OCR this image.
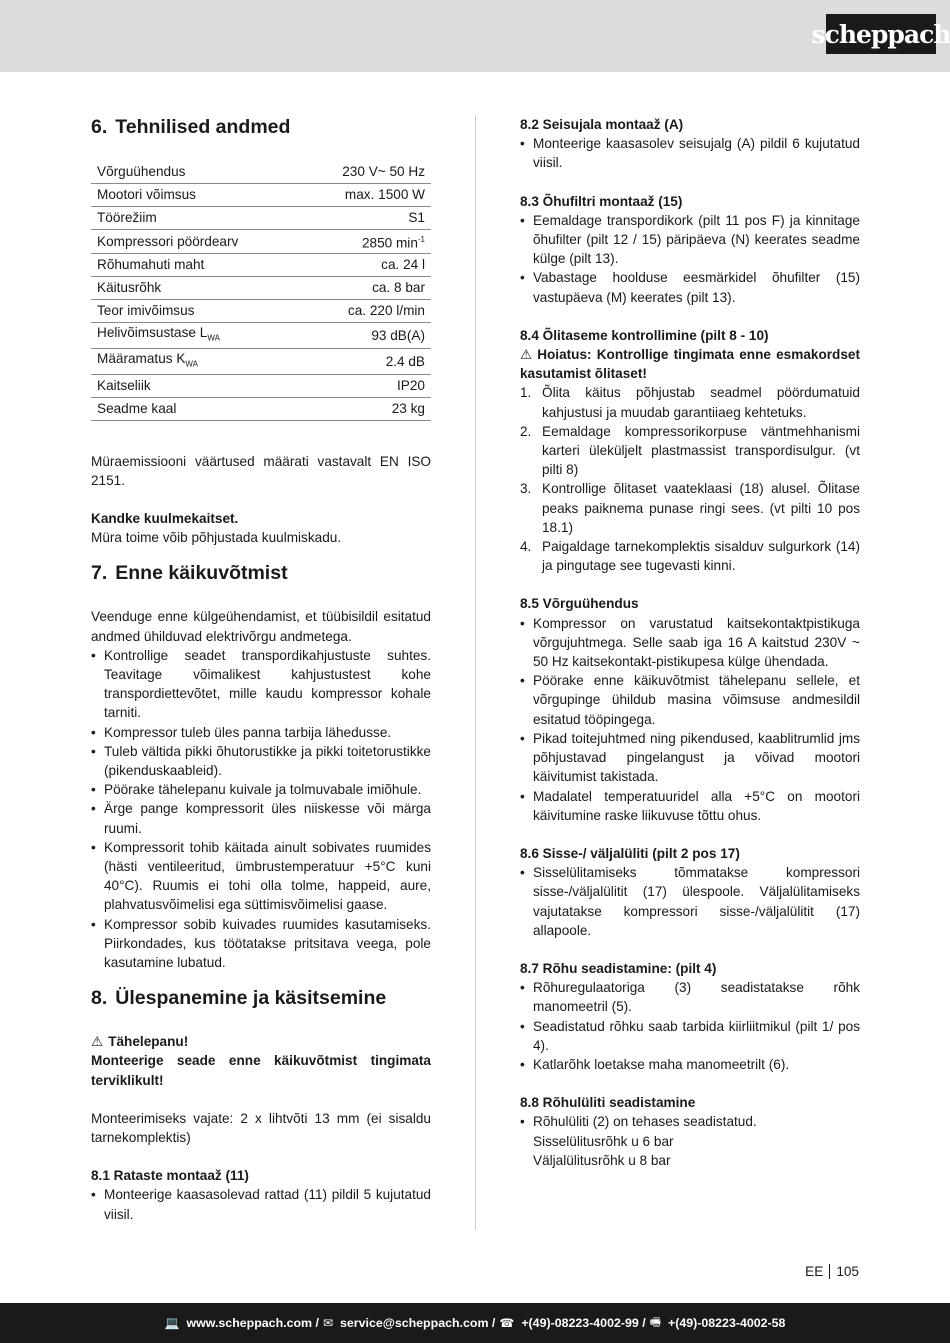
scheppach
6. Tehnilised andmed
Võrguühendus	230 V~ 50 Hz
Mootori võimsus	max. 1500 W
Töörežiim	S1
Kompressori pöördearv	2850 $\min^{-1}$
Rõhumahuti maht	ca. 24 l
Käitusrõhk	ca. 8 bar
Teor imivõimsus	ca. 220 l/min
Helivõimsustase $L_{WA}$	93 dB(A)
Määramatus $K_{WA}$	2.4 dB
Kaitseliik	IP20
Seadme kaal	23 kg

Müraemissiooni väärtused määrati vastavalt EN ISO 2151.

Kandke kuulmekaitset.

Müra toime võib põhjustada kuulmiskadu.

7. Enne käikuvõtmist

Veenduge enne külgeühendamist, et tüübisildil esitatud andmed ühilduvad elektrivõrgu andmetega.

• Kontrollige seadet transpordikahjustuste suhtes. Teavitage võimalikest kahjustustest kohe transpordiettevõtet, mille kaudu kompressor kohale tarniti.
• Kompressor tuleb üles panna tarbija lähedusse.
• Tuleb vältida pikki õhutorustikke ja pikki toitetorustikke (pikenduskaableid).
• Pöörake tähelepanu kuivale ja tolmuvabale imiõhule.
• Ärge pange kompressorit üles niiskesse või märga ruumi.
• Kompressorit tohib käitada ainult sobivates ruumides (hästi ventileeritud, ümbrustemperatuur +5°C kuni 40°C). Ruumis ei tohi olla tolme, happeid, aure, plahvatusvõimelisi ega süttimisvõimelisi gaase.
• Kompressor sobib kuivades ruumides kasutamiseks. Piirkondades, kus töötatakse pritsitava veega, pole kasutamine lubatud.
8. Ülespanemine ja käsitsemine

⚠ Tähelepanu!

Monteerige seade enne käikuvõtmist tingimata terviklikult!

Monteerimiseks vajate: 2 x lihtvõti 13 mm (ei sisaldu tarnekomplektis)

8.1 Rataste montaaž (11)
• Monteerige kaasasolevad rattad (11) pildil 5 kujutatud viisil.
8.2 Seisujala montaaž (A)
• Monteerige kaasasolev seisujalg (A) pildil 6 kujutatud viisil.
8.3 Õhufiltri montaaž (15)
• Eemaldage transpordikork (pilt 11 pos F) ja kinnitage õhufilter (pilt 12 / 15) päripäeva (N) keerates seadme külge (pilt 13).
• Vabastage hoolduse eesmärkidel õhufilter (15) vastupäeva (M) keerates (pilt 13).
8.4 Õlitaseme kontrollimine (pilt 8 - 10)

⚠ Hoiatus: Kontrollige tingimata enne esmakordset kasutamist õlitaset!

1. Õlita käitus põhjustab seadmel pöördumatuid kahjustusi ja muudab garantiiaeg kehtetuks.
2. Eemaldage kompressorikorpuse väntmehhanismi karteri üleküljelt plastmassist transpordisulgur. (vt pilti 8)
3. Kontrollige õlitaset vaateklaasi (18) alusel. Õlitase peaks paiknema punase ringi sees. (vt pilti 10 pos 18.1)
4. Paigaldage tarnekomplektis sisalduv sulgurkork (14) ja pingutage see tugevasti kinni.
8.5 Võrguühendus
• Kompressor on varustatud kaitsekontaktpistikuga võrgujuhtmega. Selle saab iga 16 A kaitstud 230V ~ 50 Hz kaitsekontakt-pistikupesa külge ühendada.
• Pöörake enne käikuvõtmist tähelepanu sellele, et võrgupinge ühildub masina võimsuse andmesildil esitatud tööpingega.
• Pikad toitejuhtmed ning pikendused, kaablitrumlid jms põhjustavad pingelangust ja võivad mootori käivitumist takistada.
• Madalatel temperatuuridel alla +5°C on mootori käivitumine raske liikuvuse tõttu ohus.
8.6 Sisse-/ väljalüliti (pilt 2 pos 17)
• Sisselülitamiseks tõmmatakse kompressori sisse-/väljalülitit (17) ülespoole. Väljalülitamiseks vajutatakse kompressori sisse-/väljalülitit (17) allapoole.
8.7 Rõhu seadistamine: (pilt 4)
• Rõhuregulaatoriga (3) seadistatakse rõhk manomeetril (5).
• Seadistatud rõhku saab tarbida kiirliitmikul (pilt 1/ pos 4).
• Katlarõhk loetakse maha manomeetrilt (6).
8.8 Rõhulüliti seadistamine
• Rõhulüliti (2) on tehases seadistatud.
Sisselülitusrõhk u 6 bar
Väljalülitusrõhk u 8 bar
EE 105
💻 www.scheppach.com / ✉ service@scheppach.com / ☎ +(49)-08223-4002-99 / 🖷 +(49)-08223-4002-58
